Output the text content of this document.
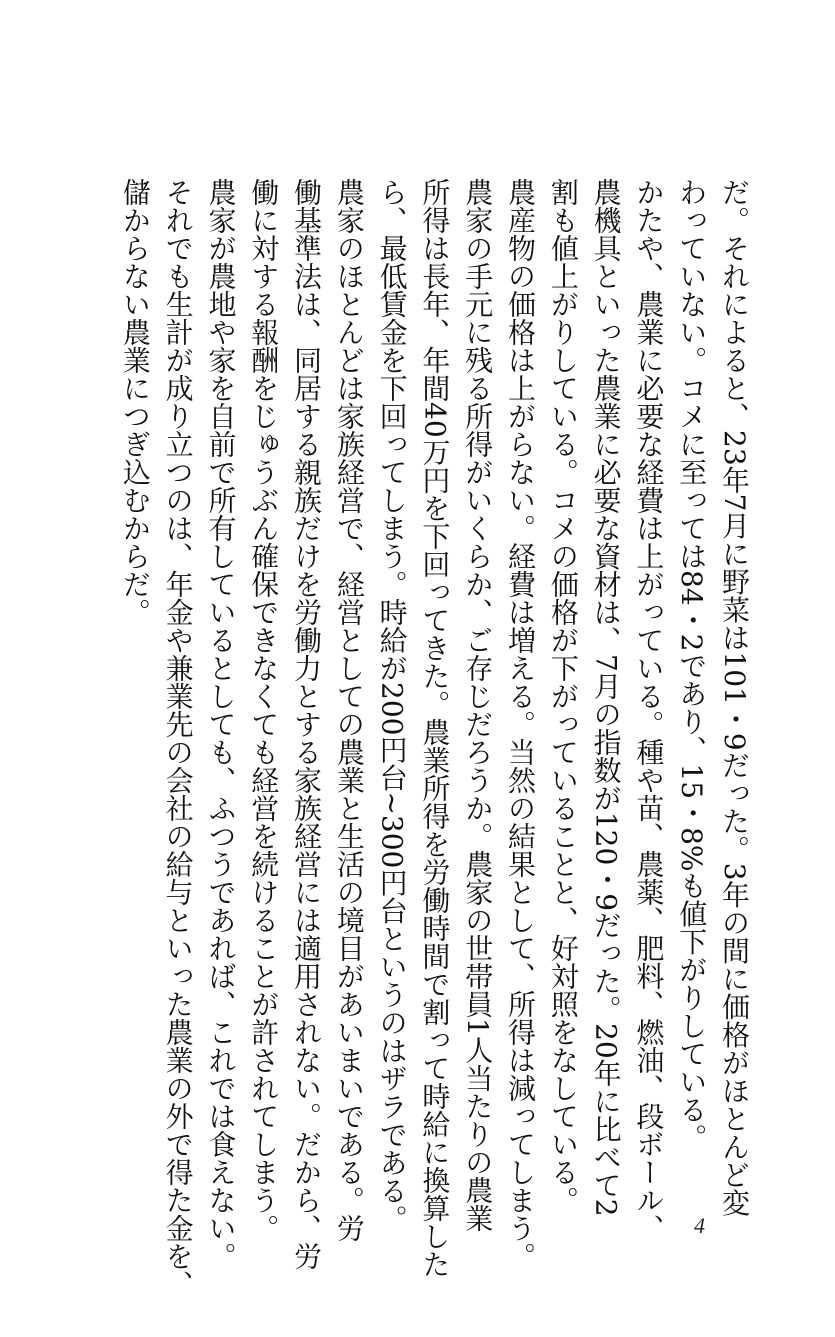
だ。それによると、23年7月に野菜は101・9だった。3年の間に価格がほとんど変
わっていない。コメに至っては84・2であり、15・8%も値下がりしている。
かたや、農業に必要な経費は上がっている。種や苗、農薬、肥料、燃油、段ボール、
農機具といった農業に必要な資材は、7月の指数が120・9だった。20年に比べて2
割も値上がりしている。コメの価格が下がっていることと、好対照をなしている。
農産物の価格は上がらない。経費は増える。当然の結果として、所得は減ってしまう。
農家の手元に残る所得がいくらか、ご存じだろうか。農家の世帯員1人当たりの農業
所得は長年、年間40万円を下回ってきた。農業所得を労働時間で割って時給に換算した
ら、最低賃金を下回ってしまう。時給が200円台~300円台というのはザラである。
農家のほとんどは家族経営で、経営としての農業と生活の境目があいまいである。労
働基準法は、同居する親族だけを労働力とする家族経営には適用されない。だから、労
働に対する報酬をじゅうぶん確保できなくても経営を続けることが許されてしまう。
農家が農地や家を自前で所有しているとしても、ふつうであれば、これでは食えない。
それでも生計が成り立つのは、年金や兼業先の会社の給与といった農業の外で得た金を、
儲からない農業につぎ込むからだ。
4
